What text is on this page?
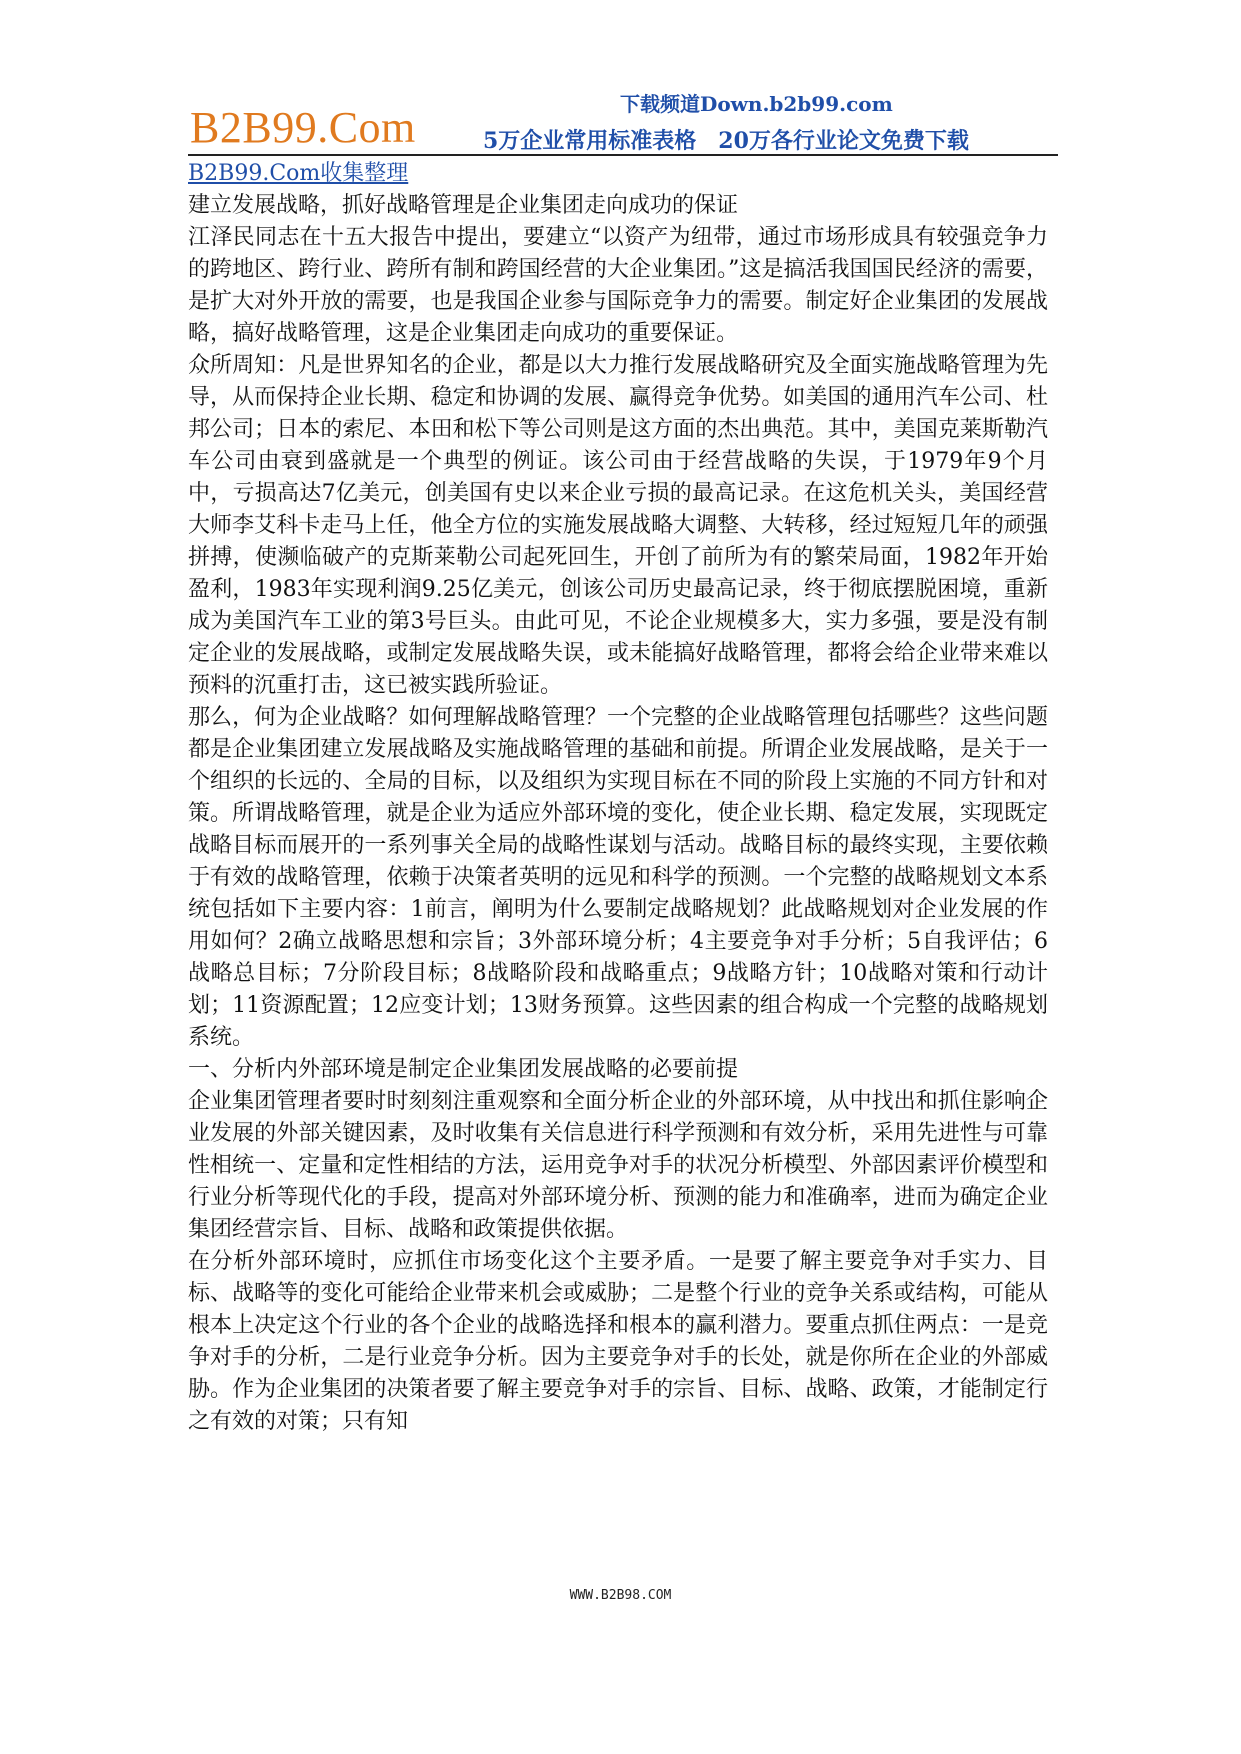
B2B99.Com	下载频道Down.b2b99.com
5万企业常用标准表格　20万各行业论文免费下载
B2B99.Com收集整理

建立发展战略，抓好战略管理是企业集团走向成功的保证

江泽民同志在十五大报告中提出，要建立“以资产为纽带，通过市场形成具有较强竞争力的跨地区、跨行业、跨所有制和跨国经营的大企业集团。”这是搞活我国国民经济的需要，是扩大对外开放的需要，也是我国企业参与国际竞争力的需要。制定好企业集团的发展战略，搞好战略管理，这是企业集团走向成功的重要保证。

众所周知：凡是世界知名的企业，都是以大力推行发展战略研究及全面实施战略管理为先导，从而保持企业长期、稳定和协调的发展、赢得竞争优势。如美国的通用汽车公司、杜邦公司；日本的索尼、本田和松下等公司则是这方面的杰出典范。其中，美国克莱斯勒汽车公司由衰到盛就是一个典型的例证。该公司由于经营战略的失误，于1979年9个月中，亏损高达7亿美元，创美国有史以来企业亏损的最高记录。在这危机关头，美国经营大师李艾科卡走马上任，他全方位的实施发展战略大调整、大转移，经过短短几年的顽强拼搏，使濒临破产的克斯莱勒公司起死回生，开创了前所为有的繁荣局面，1982年开始盈利，1983年实现利润9.25亿美元，创该公司历史最高记录，终于彻底摆脱困境，重新成为美国汽车工业的第3号巨头。由此可见，不论企业规模多大，实力多强，要是没有制定企业的发展战略，或制定发展战略失误，或未能搞好战略管理，都将会给企业带来难以预料的沉重打击，这已被实践所验证。

那么，何为企业战略？如何理解战略管理？一个完整的企业战略管理包括哪些？这些问题都是企业集团建立发展战略及实施战略管理的基础和前提。所谓企业发展战略，是关于一个组织的长远的、全局的目标，以及组织为实现目标在不同的阶段上实施的不同方针和对策。所谓战略管理，就是企业为适应外部环境的变化，使企业长期、稳定发展，实现既定战略目标而展开的一系列事关全局的战略性谋划与活动。战略目标的最终实现，主要依赖于有效的战略管理，依赖于决策者英明的远见和科学的预测。一个完整的战略规划文本系统包括如下主要内容：1前言，阐明为什么要制定战略规划？此战略规划对企业发展的作用如何？2确立战略思想和宗旨；3外部环境分析；4主要竞争对手分析；5自我评估；6战略总目标；7分阶段目标；8战略阶段和战略重点；9战略方针；10战略对策和行动计划；11资源配置；12应变计划；13财务预算。这些因素的组合构成一个完整的战略规划系统。

一、分析内外部环境是制定企业集团发展战略的必要前提

企业集团管理者要时时刻刻注重观察和全面分析企业的外部环境，从中找出和抓住影响企业发展的外部关键因素，及时收集有关信息进行科学预测和有效分析，采用先进性与可靠性相统一、定量和定性相结的方法，运用竞争对手的状况分析模型、外部因素评价模型和行业分析等现代化的手段，提高对外部环境分析、预测的能力和准确率，进而为确定企业集团经营宗旨、目标、战略和政策提供依据。

在分析外部环境时，应抓住市场变化这个主要矛盾。一是要了解主要竞争对手实力、目标、战略等的变化可能给企业带来机会或威胁；二是整个行业的竞争关系或结构，可能从根本上决定这个行业的各个企业的战略选择和根本的赢利潜力。要重点抓住两点：一是竞争对手的分析，二是行业竞争分析。因为主要竞争对手的长处，就是你所在企业的外部威胁。作为企业集团的决策者要了解主要竞争对手的宗旨、目标、战略、政策，才能制定行之有效的对策；只有知

WWW.B2B98.COM
